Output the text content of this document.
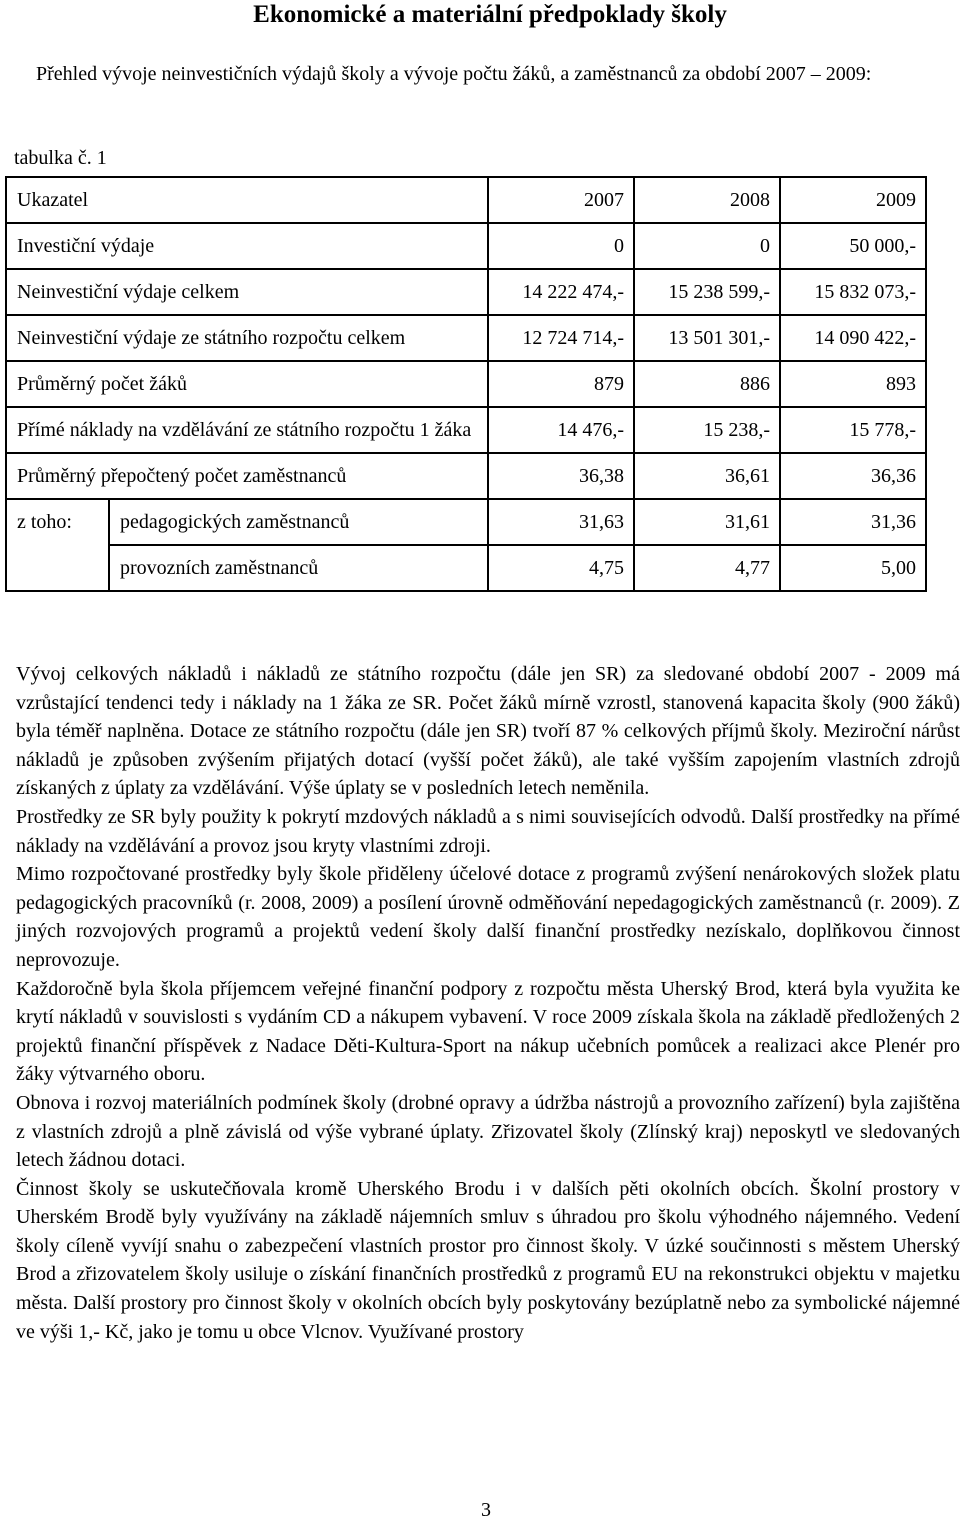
Ekonomické a materiální předpoklady školy

Přehled vývoje neinvestičních výdajů školy a vývoje počtu žáků, a zaměstnanců za období 2007 – 2009:

tabulka č. 1

Ukazatel		2007	2008	2009
Investiční výdaje		0	0	50 000,-
Neinvestiční výdaje celkem		14 222 474,-	15 238 599,-	15 832 073,-
Neinvestiční výdaje ze státního rozpočtu celkem		12 724 714,-	13 501 301,-	14 090 422,-
Průměrný počet žáků		879	886	893
Přímé náklady na vzdělávání ze státního rozpočtu 1 žáka		14 476,-	15 238,-	15 778,-
Průměrný přepočtený počet zaměstnanců		36,38	36,61	36,36
z toho:	pedagogických zaměstnanců	31,63	31,61	31,36
	provozních zaměstnanců	4,75	4,77	5,00

Vývoj celkových nákladů i nákladů ze státního rozpočtu (dále jen SR) za sledované období 2007 - 2009 má vzrůstající tendenci tedy i náklady na 1 žáka ze SR. Počet žáků mírně vzrostl, stanovená kapacita školy (900 žáků) byla téměř naplněna. Dotace ze státního rozpočtu (dále jen SR) tvoří 87 % celkových příjmů školy. Meziroční nárůst nákladů je způsoben zvýšením přijatých dotací (vyšší počet žáků), ale také vyšším zapojením vlastních zdrojů získaných z úplaty za vzdělávání. Výše úplaty se v posledních letech neměnila.

Prostředky ze SR byly použity k pokrytí mzdových nákladů a s nimi souvisejících odvodů. Další prostředky na přímé náklady na vzdělávání a provoz jsou kryty vlastními zdroji.

Mimo rozpočtované prostředky byly škole přiděleny účelové dotace z programů zvýšení nenárokových složek platu pedagogických pracovníků (r. 2008, 2009) a posílení úrovně odměňování nepedagogických zaměstnanců (r. 2009). Z jiných rozvojových programů a projektů vedení školy další finanční prostředky nezískalo, doplňkovou činnost neprovozuje.

Každoročně byla škola příjemcem veřejné finanční podpory z rozpočtu města Uherský Brod, která byla využita ke krytí nákladů v souvislosti s vydáním CD a nákupem vybavení. V roce 2009 získala škola na základě předložených 2 projektů finanční příspěvek z Nadace Děti-Kultura-Sport na nákup učebních pomůcek a realizaci akce Plenér pro žáky výtvarného oboru.

Obnova i rozvoj materiálních podmínek školy (drobné opravy a údržba nástrojů a provozního zařízení) byla zajištěna z vlastních zdrojů a plně závislá od výše vybrané úplaty. Zřizovatel školy (Zlínský kraj) neposkytl ve sledovaných letech žádnou dotaci.

Činnost školy se uskutečňovala kromě Uherského Brodu i v dalších pěti okolních obcích. Školní prostory v Uherském Brodě byly využívány na základě nájemních smluv s úhradou pro školu výhodného nájemného. Vedení školy cíleně vyvíjí snahu o zabezpečení vlastních prostor pro činnost školy. V úzké součinnosti s městem Uherský Brod a zřizovatelem školy usiluje o získání finančních prostředků z programů EU na rekonstrukci objektu v majetku města. Další prostory pro činnost školy v okolních obcích byly poskytovány bezúplatně nebo za symbolické nájemné ve výši 1,- Kč, jako je tomu u obce Vlcnov. Využívané prostory

3
